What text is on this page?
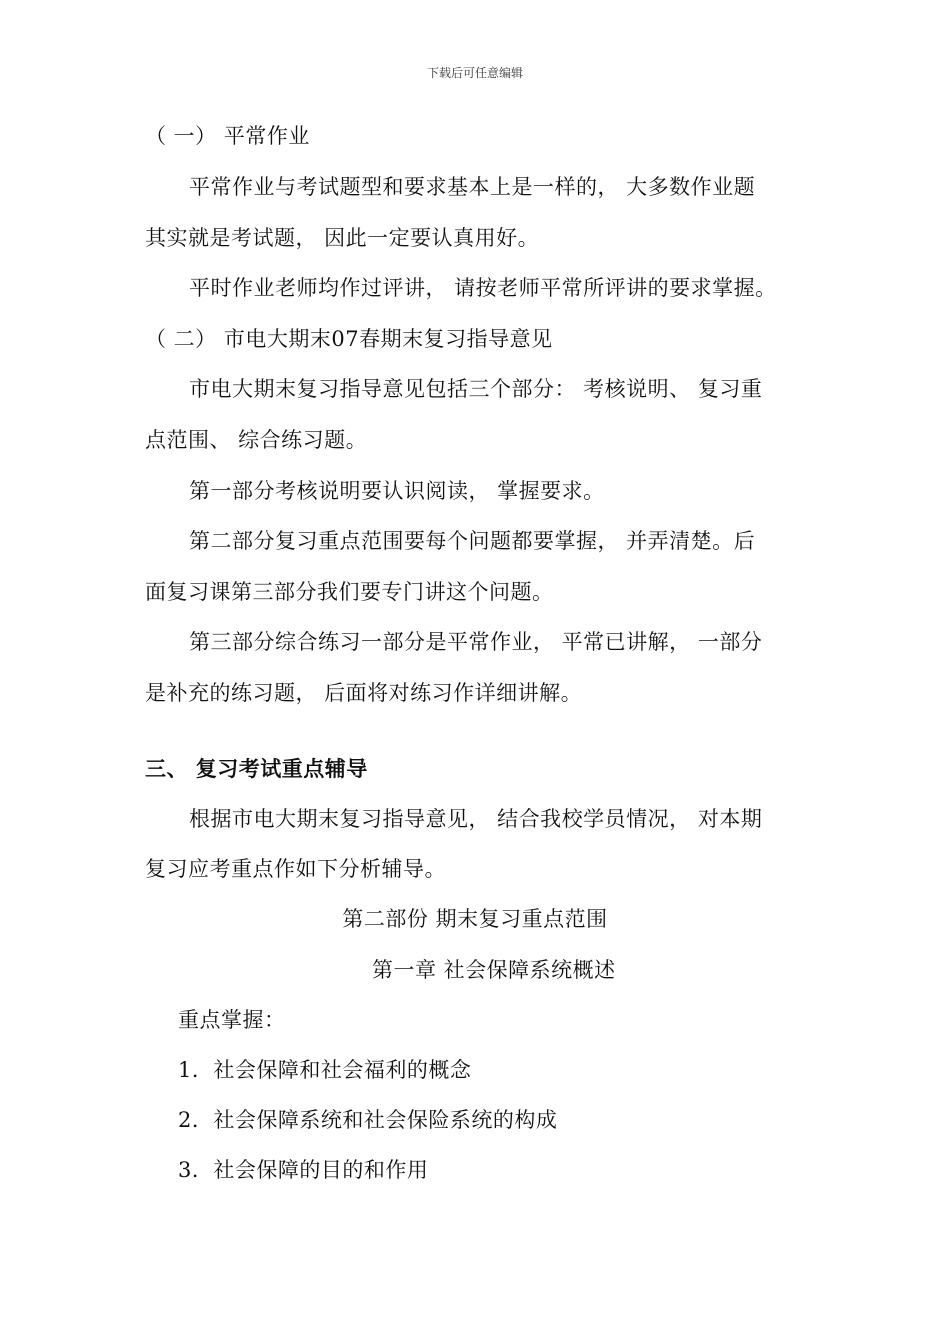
下载后可任意编辑
（ 一） 平常作业
平常作业与考试题型和要求基本上是一样的， 大多数作业题
其实就是考试题， 因此一定要认真用好。
平时作业老师均作过评讲， 请按老师平常所评讲的要求掌握。
（ 二） 市电大期末07春期末复习指导意见
市电大期末复习指导意见包括三个部分： 考核说明、 复习重
点范围、 综合练习题。
第一部分考核说明要认识阅读， 掌握要求。
第二部分复习重点范围要每个问题都要掌握， 并弄清楚。后
面复习课第三部分我们要专门讲这个问题。
第三部分综合练习一部分是平常作业， 平常已讲解， 一部分
是补充的练习题， 后面将对练习作详细讲解。
三、 复习考试重点辅导
根据市电大期末复习指导意见， 结合我校学员情况， 对本期
复习应考重点作如下分析辅导。
第二部份 期末复习重点范围
第一章 社会保障系统概述
重点掌握：
1．社会保障和社会福利的概念
2．社会保障系统和社会保险系统的构成
3．社会保障的目的和作用
